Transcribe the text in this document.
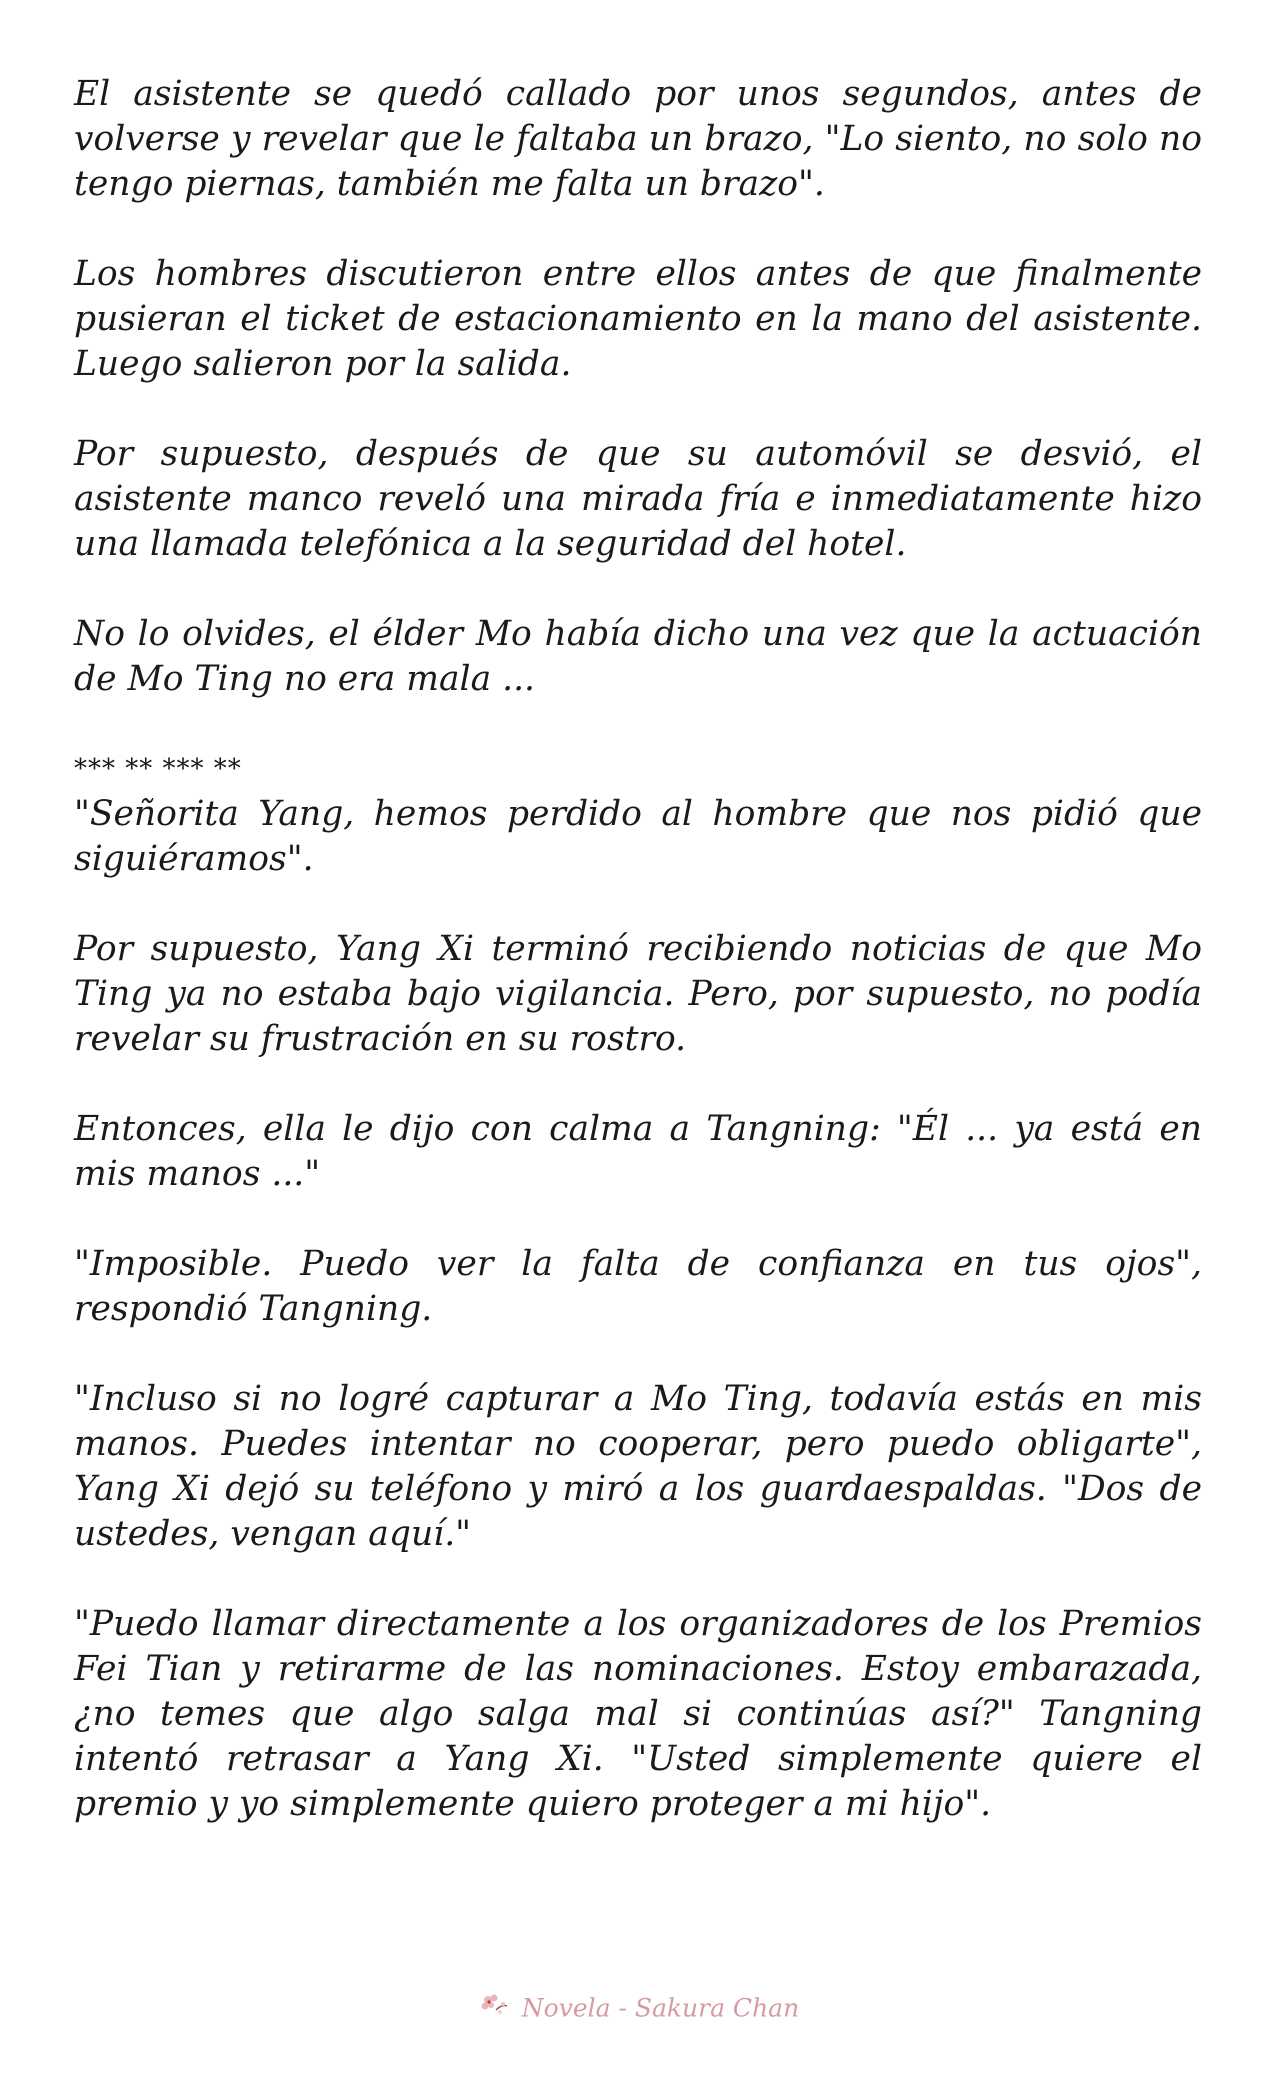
El asistente se quedó callado por unos segundos, antes de volverse y revelar que le faltaba un brazo, "Lo siento, no solo no tengo piernas, también me falta un brazo".

Los hombres discutieron entre ellos antes de que finalmente pusieran el ticket de estacionamiento en la mano del asistente. Luego salieron por la salida.

Por supuesto, después de que su automóvil se desvió, el asistente manco reveló una mirada fría e inmediatamente hizo una llamada telefónica a la seguridad del hotel.

No lo olvides, el élder Mo había dicho una vez que la actuación de Mo Ting no era mala ...

*** ** *** **

"Señorita Yang, hemos perdido al hombre que nos pidió que siguiéramos".

Por supuesto, Yang Xi terminó recibiendo noticias de que Mo Ting ya no estaba bajo vigilancia. Pero, por supuesto, no podía revelar su frustración en su rostro.

Entonces, ella le dijo con calma a Tangning: "Él ... ya está en mis manos ..."

"Imposible. Puedo ver la falta de confianza en tus ojos", respondió Tangning.

"Incluso si no logré capturar a Mo Ting, todavía estás en mis manos. Puedes intentar no cooperar, pero puedo obligarte", Yang Xi dejó su teléfono y miró a los guardaespaldas. "Dos de ustedes, vengan aquí."

"Puedo llamar directamente a los organizadores de los Premios Fei Tian y retirarme de las nominaciones. Estoy embarazada, ¿no temes que algo salga mal si continúas así?" Tangning intentó retrasar a Yang Xi. "Usted simplemente quiere el premio y yo simplemente quiero proteger a mi hijo".

Novela - Sakura Chan
